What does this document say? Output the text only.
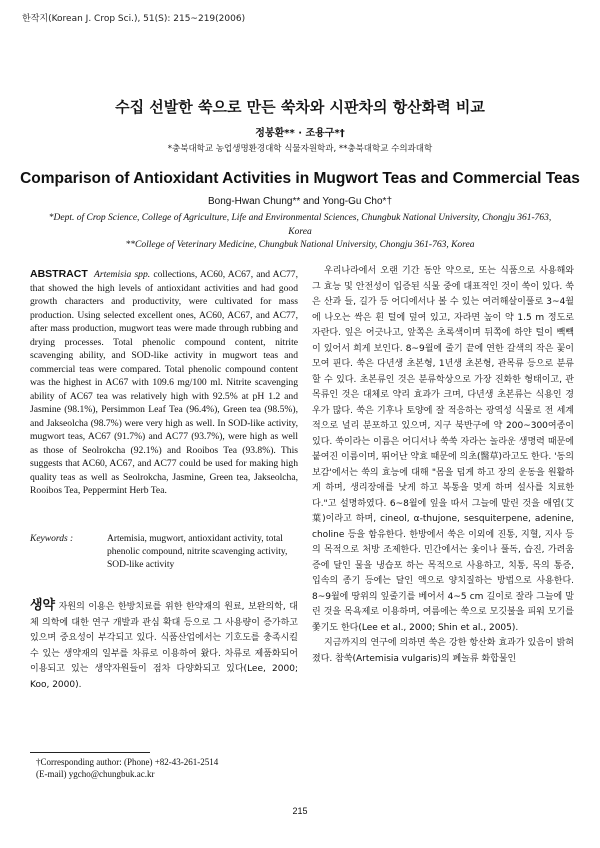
한작지(Korean J. Crop Sci.), 51(S): 215~219(2006)
수집 선발한 쑥으로 만든 쑥차와 시판차의 항산화력 비교
정봉환** · 조용구*†
*충북대학교 농업생명환경대학 식물자원학과, **충북대학교 수의과대학
Comparison of Antioxidant Activities in Mugwort Teas and Commercial Teas
Bong-Hwan Chung** and Yong-Gu Cho*†
*Dept. of Crop Science, College of Agriculture, Life and Environmental Sciences, Chungbuk National University, Chongju 361-763, Korea
**College of Veterinary Medicine, Chungbuk National University, Chongju 361-763, Korea
ABSTRACT Artemisia spp. collections, AC60, AC67, and AC77, that showed the high levels of antioxidant activities and had good growth characters and productivity, were cultivated for mass production. Using selected excellent ones, AC60, AC67, and AC77, after mass production, mugwort teas were made through rubbing and drying processes. Total phenolic compound content, nitrite scavenging ability, and SOD-like activity in mugwort teas and commercial teas were compared. Total phenolic compound content was the highest in AC67 with 109.6 mg/100 ml. Nitrite scavenging ability of AC67 tea was relatively high with 92.5% at pH 1.2 and Jasmine (98.1%), Persimmon Leaf Tea (96.4%), Green tea (98.5%), and Jakseolcha (98.7%) were very high as well. In SOD-like activity, mugwort teas, AC67 (91.7%) and AC77 (93.7%), were high as well as those of Seolrokcha (92.1%) and Rooibos Tea (93.8%). This suggests that AC60, AC67, and AC77 could be used for making high quality teas as well as Seolrokcha, Jasmine, Green tea, Jakseolcha, Rooibos Tea, Peppermint Herb Tea.
Keywords :	Artemisia, mugwort, antioxidant activity, total phenolic compound, nitrite scavenging activity, SOD-like activity
생약 자원의 이용은 한방치료를 위한 한약재의 원료, 보완의학, 대체 의학에 대한 연구 개발과 관심 확대 등으로 그 사용량이 증가하고 있으며 중요성이 부각되고 있다. 식품산업에서는 기호도를 충족시킬 수 있는 생약재의 일부를 차류로 이용하여 왔다. 차류로 제품화되어 이용되고 있는 생약자원들이 점차 다양화되고 있다(Lee, 2000; Koo, 2000).
†Corresponding author: (Phone) +82-43-261-2514
(E-mail) ygcho@chungbuk.ac.kr

우리나라에서 오랜 기간 동안 약으로, 또는 식품으로 사용해와 그 효능 및 안전성이 입증된 식물 중에 대표적인 것이 쑥이 있다. 쑥은 산과 들, 길가 등 어디에서나 볼 수 있는 여러해살이풀로 3~4월에 나오는 싹은 흰 털에 덮여 있고, 자라면 높이 약 1.5 m 정도로 자란다. 잎은 어긋나고, 앞쪽은 초록색이며 뒤쪽에 하얀 털이 빽빽이 있어서 희게 보인다. 8~9월에 줄기 끝에 연한 갈색의 작은 꽃이 모여 핀다. 쑥은 다년생 초본형, 1년생 초본형, 관목류 등으로 분류할 수 있다. 초본류인 것은 분류학상으로 가장 진화한 형태이고, 관목류인 것은 대체로 약리 효과가 크며, 다년생 초본류는 식용인 경우가 많다. 쑥은 기후나 토양에 잘 적응하는 광역성 식물로 전 세계적으로 널리 분포하고 있으며, 지구 북반구에 약 200~300여종이 있다. 쑥이라는 이름은 어디서나 쑥쑥 자라는 놀라운 생명력 때문에 붙여진 이름이며, 뛰어난 약효 때문에 의초(醫草)라고도 한다. '동의보감'에서는 쑥의 효능에 대해 "몸을 덥게 하고 장의 운동을 원활하게 하며, 생리장애를 낫게 하고 복통을 멎게 하며 설사를 치료한다."고 설명하였다. 6~8월에 잎을 따서 그늘에 말린 것을 애엽(艾葉)이라고 하며, cineol, α-thujone, sesquiterpene, adenine, choline 등을 함유한다. 한방에서 쑥은 이외에 진통, 지혈, 지사 등의 목적으로 처방 조제한다. 민간에서는 옻이나 풀독, 습진, 가려움증에 달인 물을 냉습포 하는 목적으로 사용하고, 치통, 목의 통증, 입속의 종기 등에는 달인 액으로 양치질하는 방법으로 사용한다. 8~9월에 땅위의 잎줄기를 베어서 4~5 cm 길이로 잘라 그늘에 말린 것을 목욕제로 이용하며, 여름에는 쑥으로 모깃불을 피워 모기를 쫓기도 한다(Lee et al., 2000; Shin et al., 2005).

지금까지의 연구에 의하면 쑥은 강한 항산화 효과가 있음이 밝혀졌다. 참쑥(Artemisia vulgaris)의 폐놀류 화합물인

215
